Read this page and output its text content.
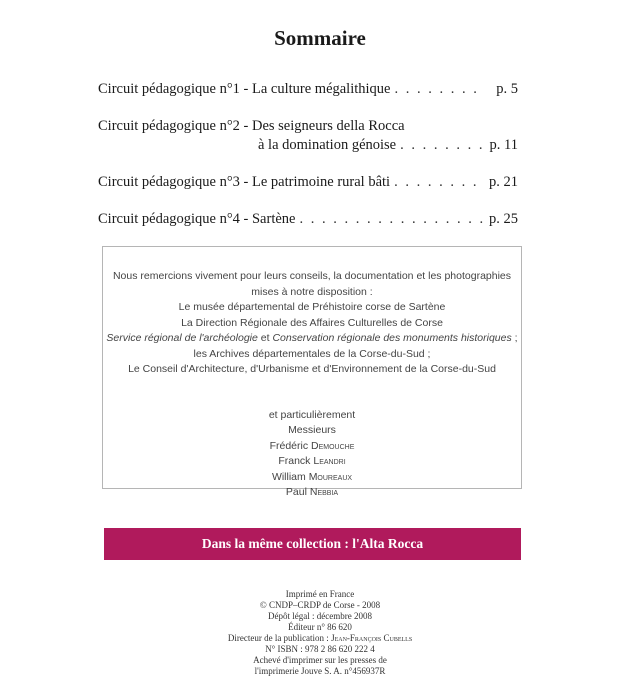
Sommaire
Circuit pédagogique n°1 - La culture mégalithique . . .	p. 5
Circuit pédagogique n°2 - Des seigneurs della Rocca
à la domination génoise . . .	p. 11
Circuit pédagogique n°3 - Le patrimoine rural bâti . . .	p. 21
Circuit pédagogique n°4 - Sartène . . .	p. 25
Nous remercions vivement pour leurs conseils, la documentation et les photographies
mises à notre disposition :
Le musée départemental de Préhistoire corse de Sartène
La Direction Régionale des Affaires Culturelles de Corse
Service régional de l'archéologie et Conservation régionale des monuments historiques ;
les Archives départementales de la Corse-du-Sud ;
Le Conseil d'Architecture, d'Urbanisme et d'Environnement de la Corse-du-Sud
et particulièrement
Messieurs
Frédéric Demouche
Franck Leandri
William Moureaux
Paul Nebbia
Dans la même collection : l'Alta Rocca
Imprimé en France
© CNDP–CRDP de Corse - 2008
Dépôt légal : décembre 2008
Éditeur n° 86 620
Directeur de la publication : Jean-François Cubells
N° ISBN : 978 2 86 620 222 4
Achevé d'imprimer sur les presses de
l'imprimerie Jouve S. A. n°456937R
